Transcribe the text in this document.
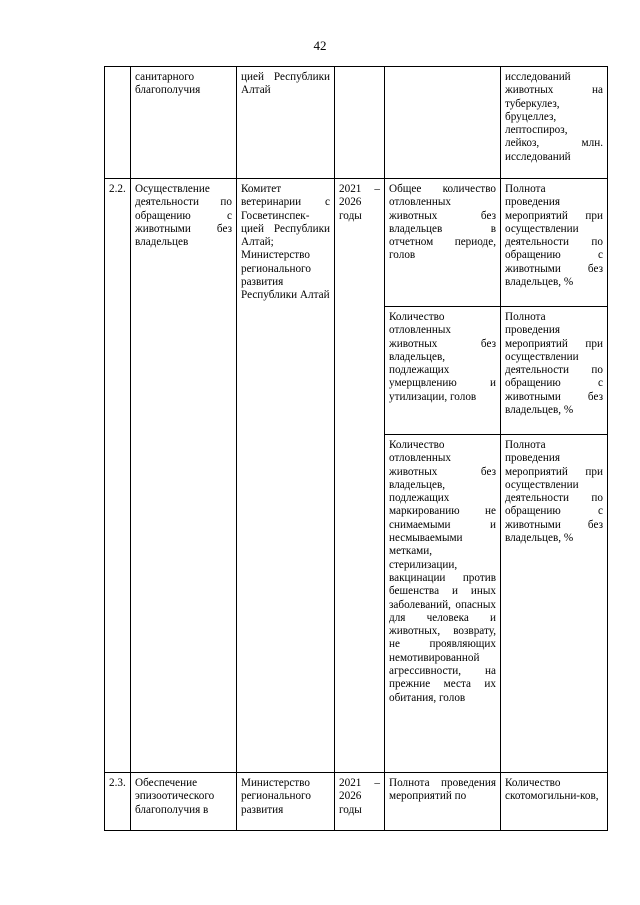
42
	санитарного благополучия	цией Республики Алтай			исследований животных на туберкулез, бруцеллез, лептоспироз, лейкоз, млн. исследований
2.2.	Осуществление деятельности по обращению с животными без владельцев	Комитет ветеринарии с Госветинспек-цией Республики Алтай; Министерство регионального развития Республики Алтай	2021 – 2026 годы	Общее количество отловленных животных без владельцев в отчетном периоде, голов	Полнота проведения мероприятий при осуществлении деятельности по обращению с животными без владельцев, %
				Количество отловленных животных без владельцев, подлежащих умерщвлению и утилизации, голов	Полнота проведения мероприятий при осуществлении деятельности по обращению с животными без владельцев, %
				Количество отловленных животных без владельцев, подлежащих маркированию не снимаемыми и несмываемыми метками, стерилизации, вакцинации против бешенства и иных заболеваний, опасных для человека и животных, возврату, не проявляющих немотивированной агрессивности, на прежние места их обитания, голов	Полнота проведения мероприятий при осуществлении деятельности по обращению с животными без владельцев, %
2.3.	Обеспечение эпизоотического благополучия в	Министерство регионального развития	2021 – 2026 годы	Полнота проведения мероприятий по	Количество скотомогильни-ков,
